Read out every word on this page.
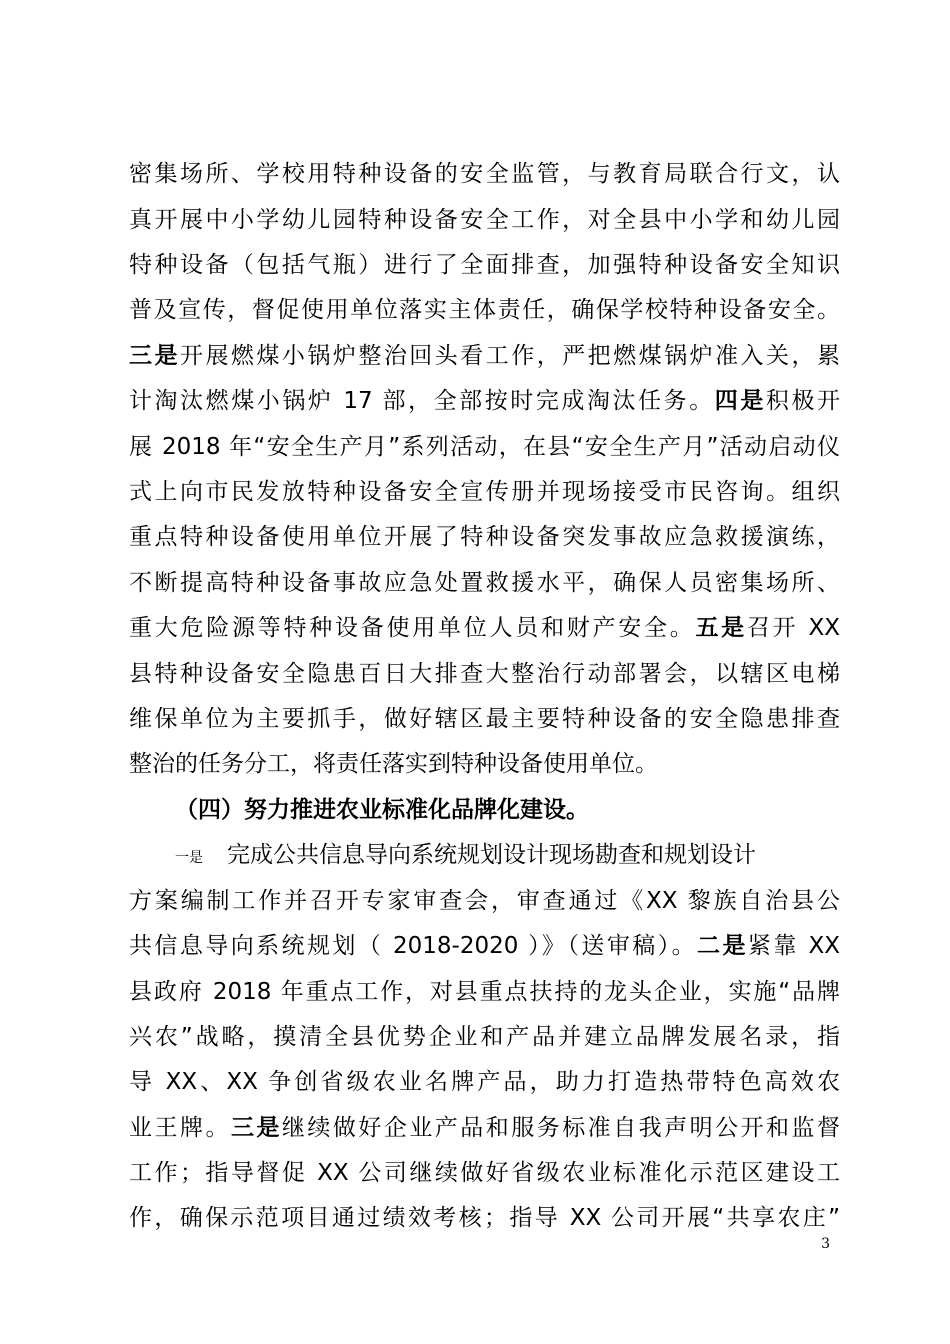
密集场所、学校用特种设备的安全监管，与教育局联合行文，认
真开展中小学幼儿园特种设备安全工作，对全县中小学和幼儿园
特种设备（包括气瓶）进行了全面排查，加强特种设备安全知识
普及宣传，督促使用单位落实主体责任，确保学校特种设备安全。
三是开展燃煤小锅炉整治回头看工作，严把燃煤锅炉准入关，累
计淘汰燃煤小锅炉 17 部，全部按时完成淘汰任务。四是积极开
展 2018 年“安全生产月”系列活动，在县“安全生产月”活动启动仪
式上向市民发放特种设备安全宣传册并现场接受市民咨询。组织
重点特种设备使用单位开展了特种设备突发事故应急救援演练，
不断提高特种设备事故应急处置救援水平，确保人员密集场所、
重大危险源等特种设备使用单位人员和财产安全。五是召开 XX
县特种设备安全隐患百日大排查大整治行动部署会，以辖区电梯
维保单位为主要抓手，做好辖区最主要特种设备的安全隐患排查
整治的任务分工，将责任落实到特种设备使用单位。
（四）努力推进农业标准化品牌化建设。
一是 完成公共信息导向系统规划设计现场勘查和规划设计
方案编制工作并召开专家审查会，审查通过《XX 黎族自治县公
共信息导向系统规划（ 2018-2020 ）》（送审稿）。二是紧靠 XX
县政府 2018 年重点工作，对县重点扶持的龙头企业，实施“品牌
兴农”战略，摸清全县优势企业和产品并建立品牌发展名录，指
导 XX、XX 争创省级农业名牌产品，助力打造热带特色高效农
业王牌。三是继续做好企业产品和服务标准自我声明公开和监督
工作；指导督促 XX 公司继续做好省级农业标准化示范区建设工
作，确保示范项目通过绩效考核；指导 XX 公司开展“共享农庄”
3
